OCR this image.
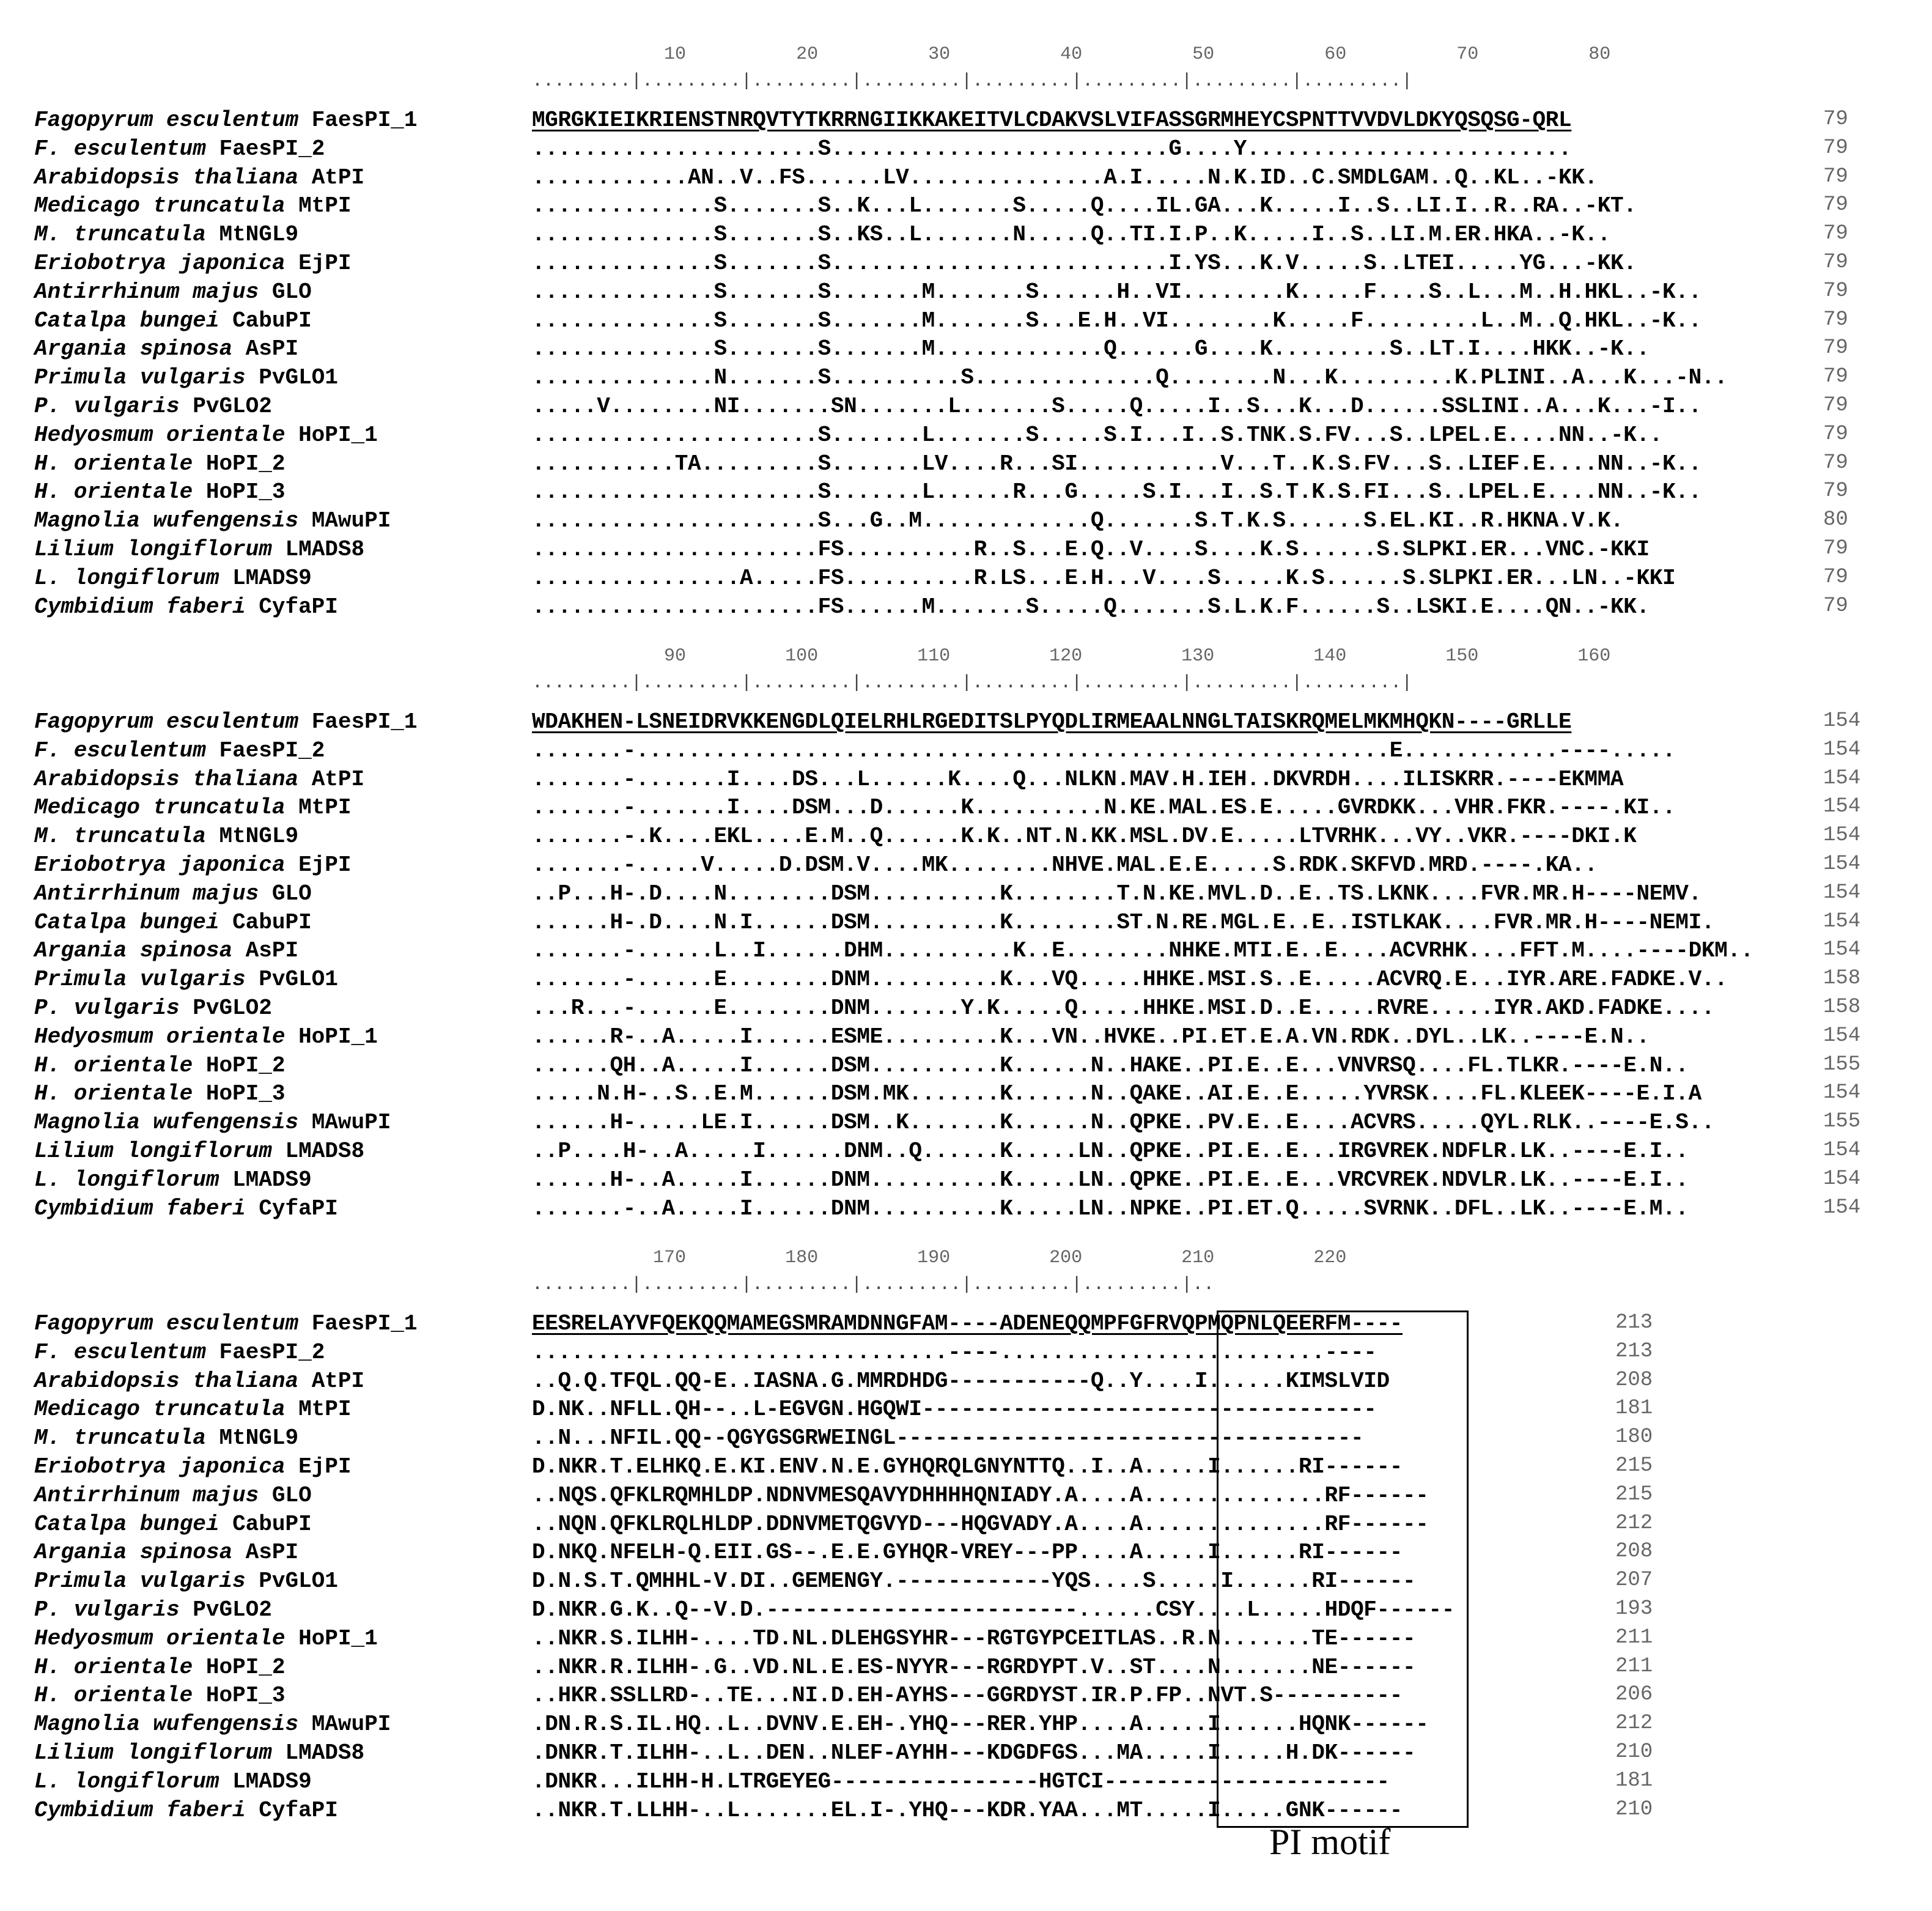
10          20          30          40          50          60          70          80
.........|.........|.........|.........|.........|.........|.........|.........|
Fagopyrum esculentum FaesPI_1	MGRGKIEIKRIENSTNRQVTYTKRRNGIIKKAKEITVLCDAKVSLVIFASSGRMHEYCSPNTTVVDVLDKYQSQSG-QRL	79
F. esculentum FaesPI_2	......................S..........................G....Y.........................	79
Arabidopsis thaliana AtPI	............AN..V..FS......LV...............A.I.....N.K.ID..C.SMDLGAM..Q..KL..-KK.	79
Medicago truncatula MtPI	..............S.......S..K...L.......S.....Q....IL.GA...K.....I..S..LI.I..R..RA..-KT.	79
M. truncatula MtNGL9	..............S.......S..KS..L.......N.....Q..TI.I.P..K.....I..S..LI.M.ER.HKA..-K..	79
Eriobotrya japonica EjPI	..............S.......S..........................I.YS...K.V.....S..LTEI.....YG...-KK.	79
Antirrhinum majus GLO	..............S.......S.......M.......S......H..VI........K.....F....S..L...M..H.HKL..-K..	79
Catalpa bungei CabuPI	..............S.......S.......M.......S...E.H..VI........K.....F.........L..M..Q.HKL..-K..	79
Argania spinosa AsPI	..............S.......S.......M.............Q......G....K.........S..LT.I....HKK..-K..	79
Primula vulgaris PvGLO1	..............N.......S..........S..............Q........N...K.........K.PLINI..A...K...-N..	79
P. vulgaris PvGLO2	.....V........NI.......SN.......L.......S.....Q.....I..S...K...D......SSLINI..A...K...-I..	79
Hedyosmum orientale HoPI_1	......................S.......L.......S.....S.I...I..S.TNK.S.FV...S..LPEL.E....NN..-K..	79
H. orientale HoPI_2	...........TA.........S.......LV....R...SI...........V...T..K.S.FV...S..LIEF.E....NN..-K..	79
H. orientale HoPI_3	......................S.......L......R...G.....S.I...I..S.T.K.S.FI...S..LPEL.E....NN..-K..	79
Magnolia wufengensis MAwuPI	......................S...G..M.............Q.......S.T.K.S......S.EL.KI..R.HKNA.V.K.	80
Lilium longiflorum LMADS8	......................FS..........R..S...E.Q..V....S....K.S......S.SLPKI.ER...VNC.-KKI	79
L. longiflorum LMADS9	................A.....FS..........R.LS...E.H...V....S.....K.S......S.SLPKI.ER...LN..-KKI	79
Cymbidium faberi CyfaPI	......................FS......M.......S.....Q.......S.L.K.F......S..LSKI.E....QN..-KK.	79
90         100         110         120         130         140         150         160
.........|.........|.........|.........|.........|.........|.........|.........|
Fagopyrum esculentum FaesPI_1	WDAKHEN-LSNEIDRVKKENGDLQIELRHLRGEDITSLPYQDLIRMEAALNNGLTAISKRQMELMKMHQKN----GRLLE	154
F. esculentum FaesPI_2	.......-..........................................................E............----.....	154
Arabidopsis thaliana AtPI	.......-.......I....DS...L......K....Q...NLKN.MAV.H.IEH..DKVRDH....ILISKRR.----EKMMA	154
Medicago truncatula MtPI	.......-.......I....DSM...D......K..........N.KE.MAL.ES.E.....GVRDKK...VHR.FKR.----.KI..	154
M. truncatula MtNGL9	.......-.K....EKL....E.M..Q......K.K..NT.N.KK.MSL.DV.E.....LTVRHK...VY..VKR.----DKI.K	154
Eriobotrya japonica EjPI	.......-.....V.....D.DSM.V....MK........NHVE.MAL.E.E.....S.RDK.SKFVD.MRD.----.KA..	154
Antirrhinum majus GLO	..P...H-.D....N........DSM..........K........T.N.KE.MVL.D..E..TS.LKNK....FVR.MR.H----NEMV.	154
Catalpa bungei CabuPI	......H-.D....N.I......DSM..........K........ST.N.RE.MGL.E..E..ISTLKAK....FVR.MR.H----NEMI.	154
Argania spinosa AsPI	.......-......L..I......DHM..........K..E........NHKE.MTI.E..E....ACVRHK....FFT.M....----DKM..	154
Primula vulgaris PvGLO1	.......-......E........DNM..........K...VQ.....HHKE.MSI.S..E.....ACVRQ.E...IYR.ARE.FADKE.V..	158
P. vulgaris PvGLO2	...R...-......E........DNM.......Y.K.....Q.....HHKE.MSI.D..E.....RVRE.....IYR.AKD.FADKE....	158
Hedyosmum orientale HoPI_1	......R-..A.....I......ESME.........K...VN..HVKE..PI.ET.E.A.VN.RDK..DYL..LK..----E.N..	154
H. orientale HoPI_2	......QH..A.....I......DSM..........K......N..HAKE..PI.E..E...VNVRSQ....FL.TLKR.----E.N..	155
H. orientale HoPI_3	.....N.H-..S..E.M......DSM.MK.......K......N..QAKE..AI.E..E.....YVRSK....FL.KLEEK----E.I.A	154
Magnolia wufengensis MAwuPI	......H-.....LE.I......DSM..K.......K......N..QPKE..PV.E..E....ACVRS.....QYL.RLK..----E.S..	155
Lilium longiflorum LMADS8	..P....H-..A.....I......DNM..Q......K.....LN..QPKE..PI.E..E...IRGVREK.NDFLR.LK..----E.I..	154
L. longiflorum LMADS9	......H-..A.....I......DNM..........K.....LN..QPKE..PI.E..E...VRCVREK.NDVLR.LK..----E.I..	154
Cymbidium faberi CyfaPI	.......-..A.....I......DNM..........K.....LN..NPKE..PI.ET.Q.....SVRNK..DFL..LK..----E.M..	154
170         180         190         200         210         220
.........|.........|.........|.........|.........|.........|..
Fagopyrum esculentum FaesPI_1	EESRELAYVFQEKQQMAMEGSMRAMDNNGFAM----ADENEQQMPFGFRVQPMQPNLQEERFM----	213
F. esculentum FaesPI_2	................................----.........................----	213
Arabidopsis thaliana AtPI	..Q.Q.TFQL.QQ-E..IASNA.G.MMRDHDG-----------Q..Y....I......KIMSLVID	208
Medicago truncatula MtPI	D.NK..NFLL.QH--..L-EGVGN.HGQWI-----------------------------------	181
M. truncatula MtNGL9	..N...NFIL.QQ--QGYGSGRWEINGL------------------------------------	180
Eriobotrya japonica EjPI	D.NKR.T.ELHKQ.E.KI.ENV.N.E.GYHQRQLGNYNTTQ..I..A.....I......RI------	215
Antirrhinum majus GLO	..NQS.QFKLRQMHLDP.NDNVMESQAVYDHHHHQNIADY.A....A..............RF------	215
Catalpa bungei CabuPI	..NQN.QFKLRQLHLDP.DDNVMETQGVYD---HQGVADY.A....A..............RF------	212
Argania spinosa AsPI	D.NKQ.NFELH-Q.EII.GS--.E.E.GYHQR-VREY---PP....A.....I......RI------	208
Primula vulgaris PvGLO1	D.N.S.T.QMHHL-V.DI..GEMENGY.------------YQS....S.....I......RI------	207
P. vulgaris PvGLO2	D.NKR.G.K..Q--V.D.------------------------......CSY....L.....HDQF------	193
Hedyosmum orientale HoPI_1	..NKR.S.ILHH-....TD.NL.DLEHGSYHR---RGTGYPCEITLAS..R.N.......TE------	211
H. orientale HoPI_2	..NKR.R.ILHH-.G..VD.NL.E.ES-NYYR---RGRDYPT.V..ST....N.......NE------	211
H. orientale HoPI_3	..HKR.SSLLRD-..TE...NI.D.EH-AYHS---GGRDYST.IR.P.FP..NVT.S----------	206
Magnolia wufengensis MAwuPI	.DN.R.S.IL.HQ..L..DVNV.E.EH-.YHQ---RER.YHP....A.....I......HQNK------	212
Lilium longiflorum LMADS8	.DNKR.T.ILHH-..L..DEN..NLEF-AYHH---KDGDFGS...MA.....I.....H.DK------	210
L. longiflorum LMADS9	.DNKR...ILHH-H.LTRGEYEG----------------HGTCI----------------------	181
Cymbidium faberi CyfaPI	..NKR.T.LLHH-..L.......EL.I-.YHQ---KDR.YAA...MT.....I.....GNK------	210
PI motif
